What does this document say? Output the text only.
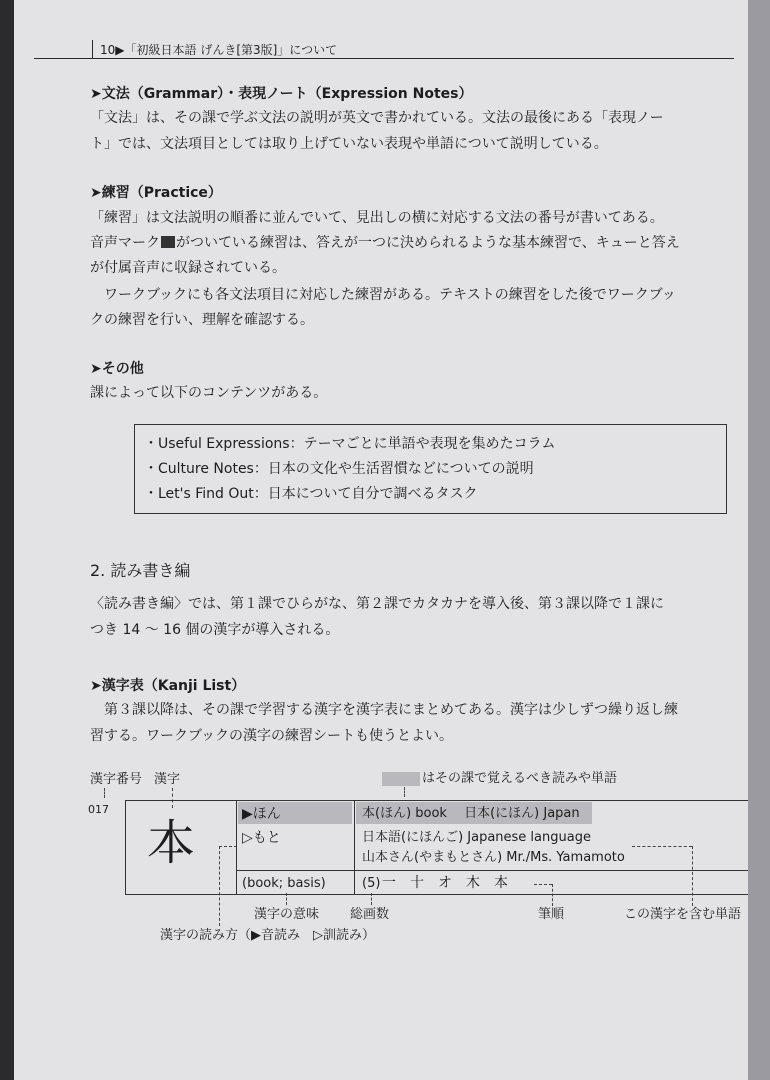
10▶「初級日本語 げんき[第3版]」について
➤文法（Grammar）・表現ノート（Expression Notes）
「文法」は、その課で学ぶ文法の説明が英文で書かれている。文法の最後にある「表現ノー
ト」では、文法項目としては取り上げていない表現や単語について説明している。
➤練習（Practice）
「練習」は文法説明の順番に並んでいて、見出しの横に対応する文法の番号が書いてある。
音声マーク がついている練習は、答えが一つに決められるような基本練習で、キューと答え
が付属音声に収録されている。
ワークブックにも各文法項目に対応した練習がある。テキストの練習をした後でワークブッ
クの練習を行い、理解を確認する。
➤その他
課によって以下のコンテンツがある。
・Useful Expressions：テーマごとに単語や表現を集めたコラム
・Culture Notes：日本の文化や生活習慣などについての説明
・Let's Find Out：日本について自分で調べるタスク
2. 読み書き編
〈読み書き編〉では、第１課でひらがな、第２課でカタカナを導入後、第３課以降で１課に
つき 14 ～ 16 個の漢字が導入される。
➤漢字表（Kanji List）
第３課以降は、その課で学習する漢字を漢字表にまとめてある。漢字は少しずつ繰り返し練
習する。ワークブックの漢字の練習シートも使うとよい。
漢字番号 漢字	はその課で覚えるべき読みや単語
017
本
▶ほん
▷もと
(book; basis)
本(ほん) book　 日本(にほん) Japan
日本語(にほんご) Japanese language
山本さん(やまもとさん) Mr./Ms. Yamamoto
(5) 一　十　オ　木　本
漢字の意味 総画数	筆順	この漢字を含む単語
漢字の読み方（▶音読み　▷訓読み）
